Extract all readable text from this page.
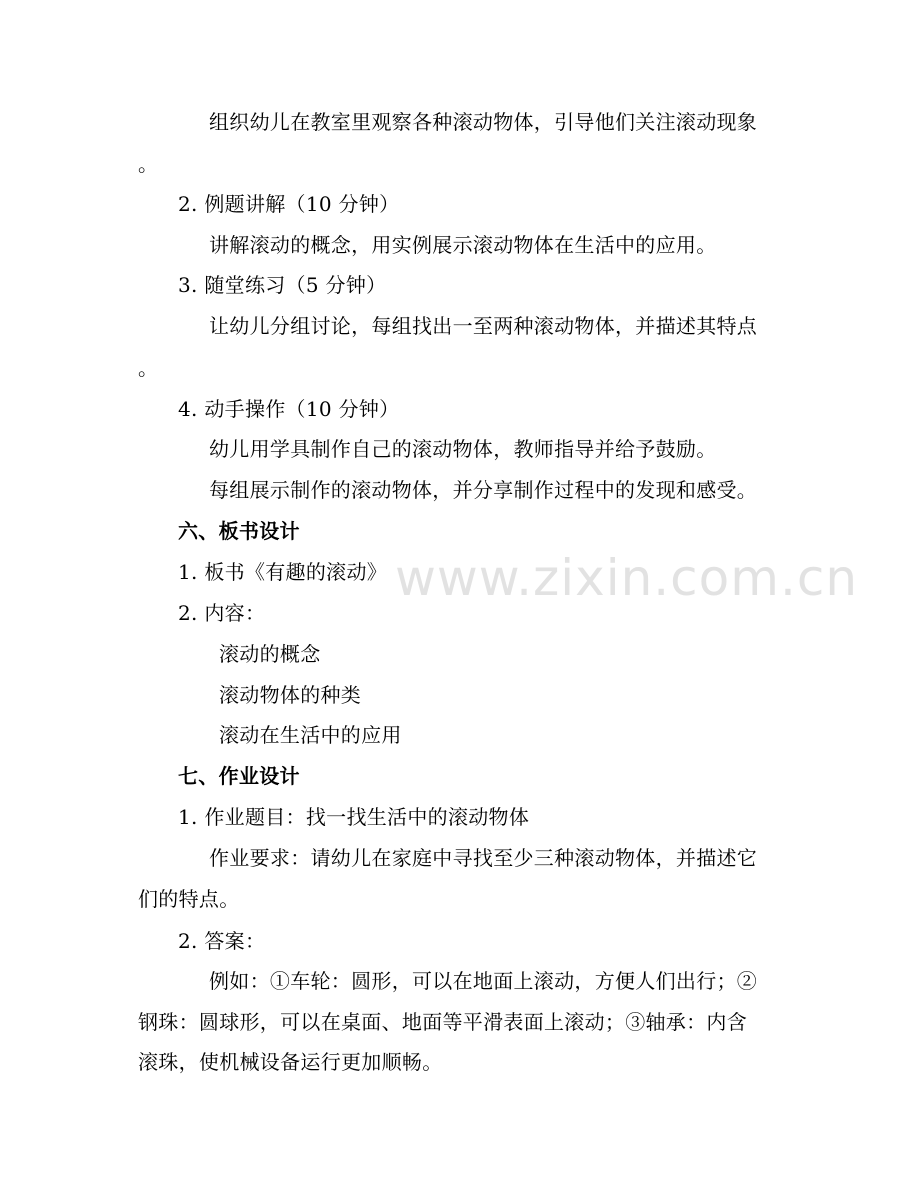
www.zixin.com.cn
组织幼儿在教室里观察各种滚动物体，引导他们关注滚动现象
。
2. 例题讲解（10 分钟）
讲解滚动的概念，用实例展示滚动物体在生活中的应用。
3. 随堂练习（5 分钟）
让幼儿分组讨论，每组找出一至两种滚动物体，并描述其特点
。
4. 动手操作（10 分钟）
幼儿用学具制作自己的滚动物体，教师指导并给予鼓励。
每组展示制作的滚动物体，并分享制作过程中的发现和感受。
六、板书设计
1. 板书《有趣的滚动》
2. 内容：
滚动的概念
滚动物体的种类
滚动在生活中的应用
七、作业设计
1. 作业题目：找一找生活中的滚动物体
作业要求：请幼儿在家庭中寻找至少三种滚动物体，并描述它
们的特点。
2. 答案：
例如：①车轮：圆形，可以在地面上滚动，方便人们出行；②
钢珠：圆球形，可以在桌面、地面等平滑表面上滚动；③轴承：内含
滚珠，使机械设备运行更加顺畅。
